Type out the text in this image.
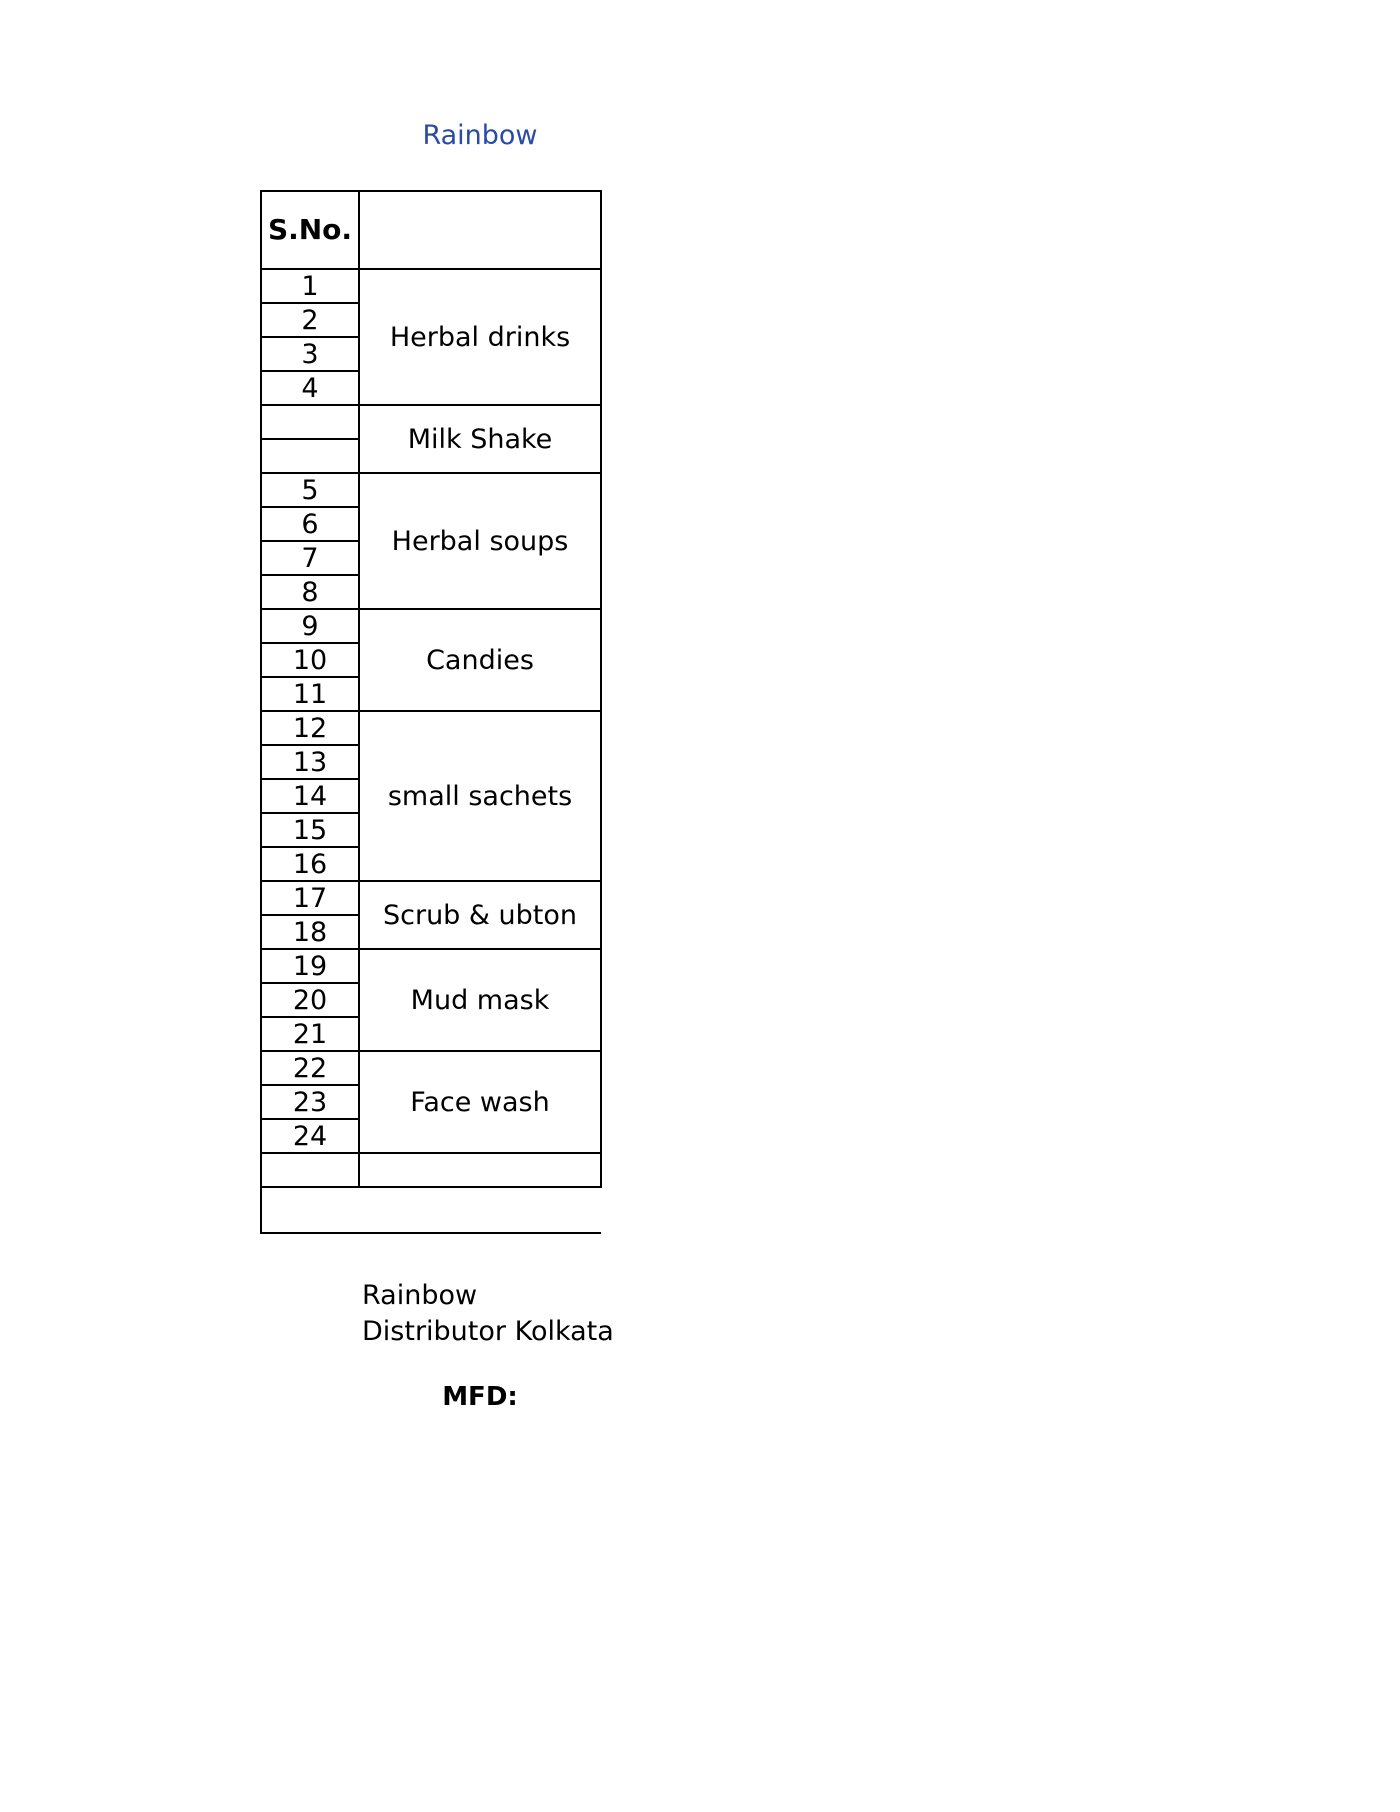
Rainbow
S.No.	
1	Herbal drinks
2	
3	
4	
	Milk Shake

5	Herbal soups
6	
7	
8	
9	Candies
10	
11	
12	small sachets
13	
14	
15	
16	
17	Scrub & ubton
18	
19	Mud mask
20	
21	
22	Face wash
23	
24	

Rainbow
Distributor Kolkata
MFD:
